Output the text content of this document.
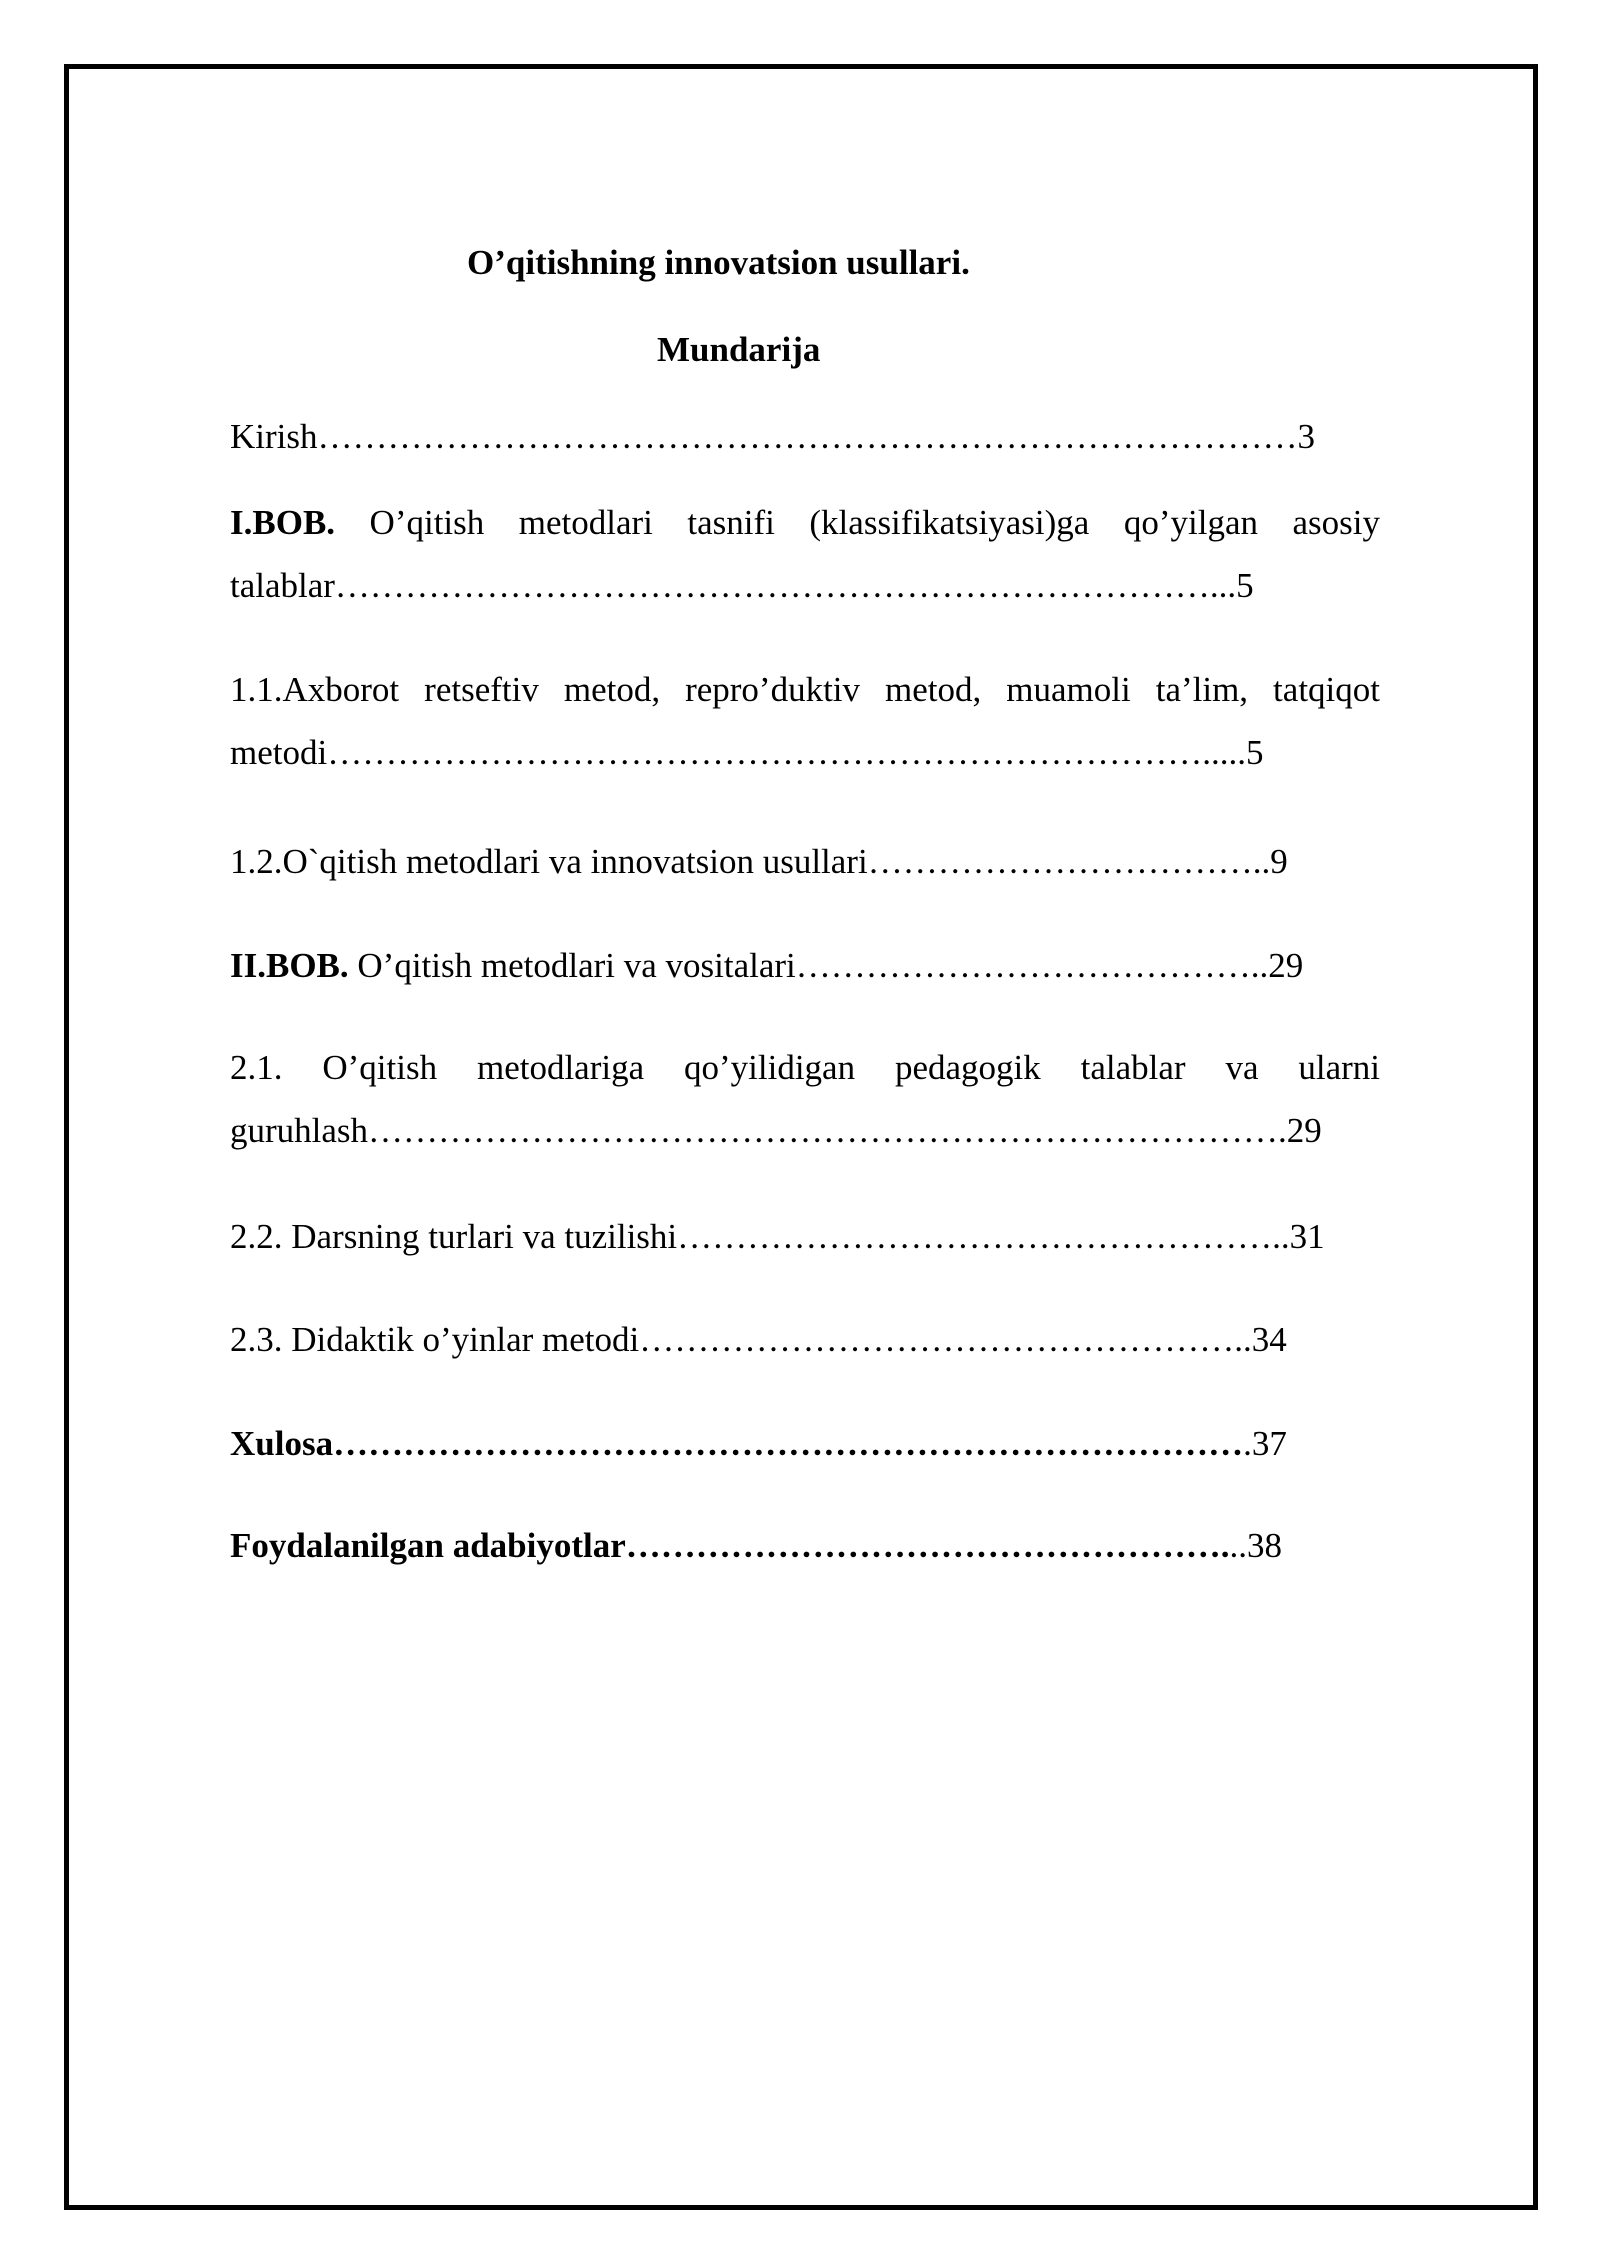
O’qitishning innovatsion usullari.
Mundarija
Kirish…………………………………………………………………………3
I.BOB. O’qitish metodlari tasnifi (klassifikatsiyasi)ga qo’yilgan asosiy
talablar…………………………………………………………………...5
1.1.Axborot retseftiv metod, repro’duktiv metod, muamoli ta’lim, tatqiqot
metodi………………………………………………………………….....5
1.2.O`qitish metodlari va innovatsion usullari……………………………..9
II.BOB. O’qitish metodlari va vositalari…………………………………..29
2.1. O’qitish metodlariga qo’yilidigan pedagogik talablar va ularni
guruhlash…………………………………………………………………….29
2.2. Darsning turlari va tuzilishi……………………………………………..31
2.3. Didaktik o’yinlar metodi……………………………………………..34
Xulosa…………………………………………………………………….37
Foydalanilgan adabiyotlar……………………………………………...38
